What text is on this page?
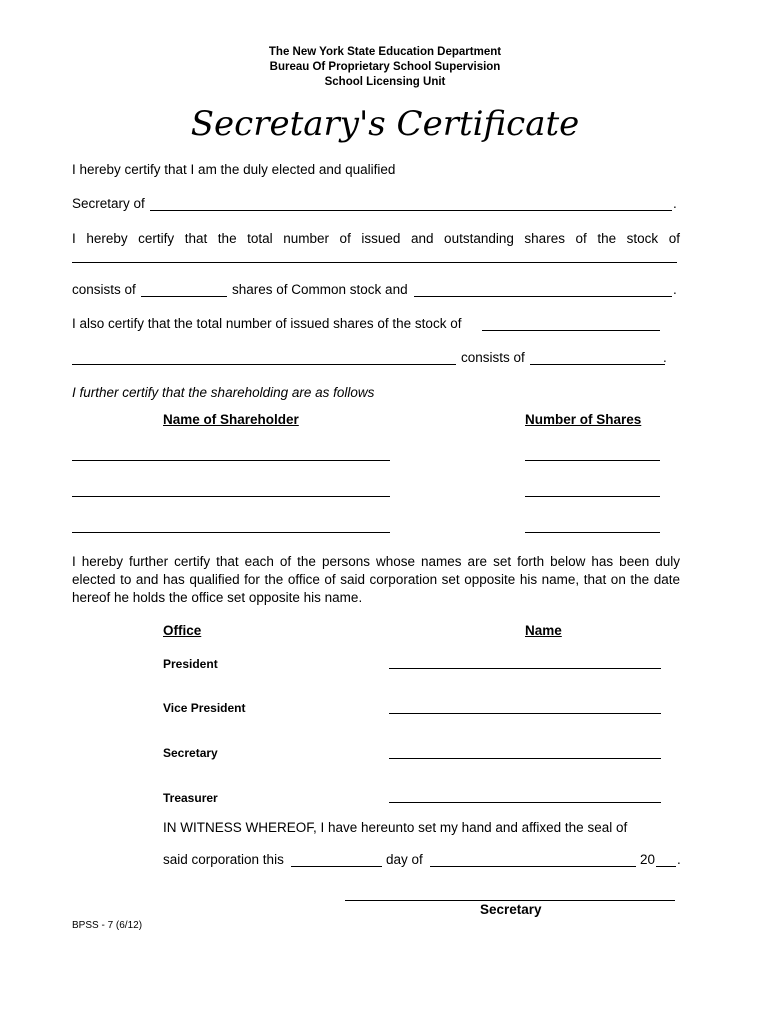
The New York State Education Department
Bureau Of Proprietary School Supervision
School Licensing Unit
Secretary's Certificate
I hereby certify that I am the duly elected and qualified
Secretary of	.
I hereby certify that the total number of issued and outstanding shares of the stock of
consists of	shares of Common stock and	.
I also certify that the total number of issued shares of the stock of
consists of	.
I further certify that the shareholding are as follows
Name of Shareholder	Number of Shares
I hereby further certify that each of the persons whose names are set forth below has been duly elected to and has qualified for the office of said corporation set opposite his name, that on the date hereof he holds the office set opposite his name.
Office	Name
President
Vice President
Secretary
Treasurer
IN WITNESS WHEREOF, I have hereunto set my hand and affixed the seal of
said corporation this	day of	20 .
Secretary
BPSS - 7 (6/12)
